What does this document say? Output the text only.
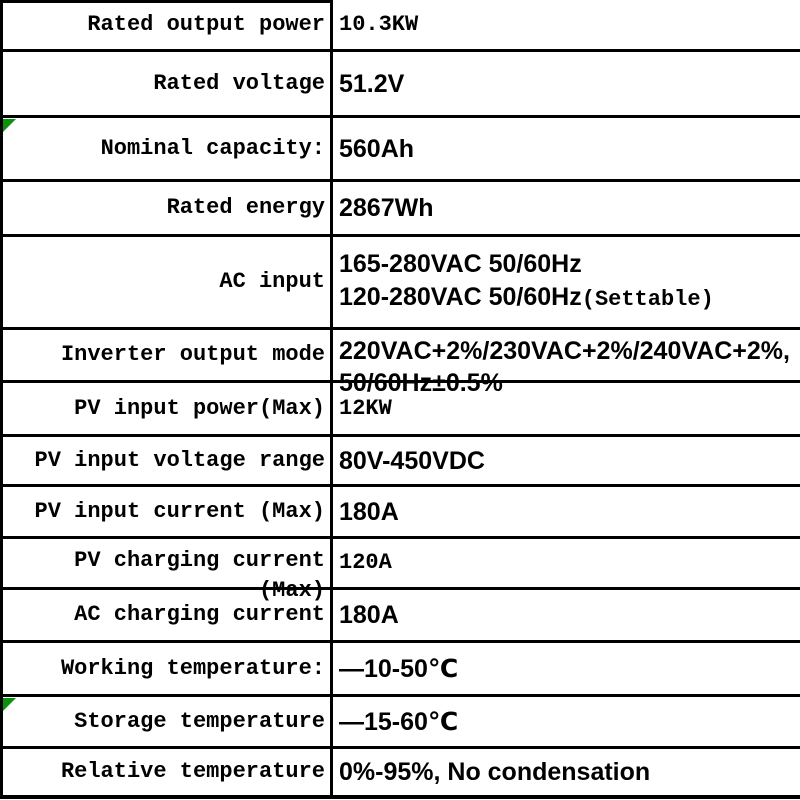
Rated output power 10.3KW
Rated voltage 51.2V
Nominal capacity: 560Ah
Rated energy 2867Wh
AC input
165-280VAC 50/60Hz
120-280VAC 50/60Hz(Settable)
Inverter output mode 220VAC+2%/230VAC+2%/240VAC+2%,
50/60Hz±0.5%
PV input power(Max) 12KW
PV input voltage range 80V-450VDC
PV input current (Max) 180A
PV charging current
(Max)
120A
AC charging current 180A
Working temperature: —10-50℃
Storage temperature —15-60℃
Relative temperature 0%-95%, No condensation
